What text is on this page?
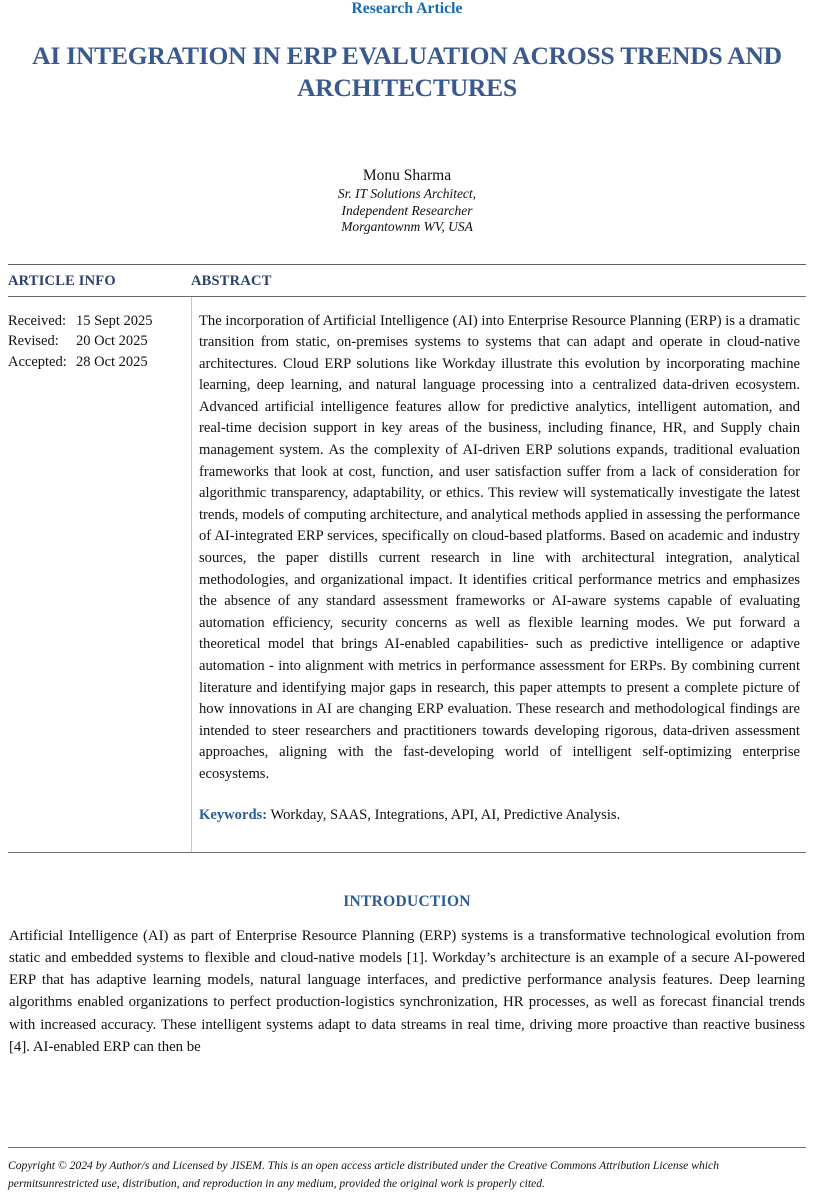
Research Article
AI INTEGRATION IN ERP EVALUATION ACROSS TRENDS AND ARCHITECTURES
Monu Sharma
Sr. IT Solutions Architect,
Independent Researcher
Morgantownm WV, USA
ARTICLE INFO	ABSTRACT
Received: 15 Sept 2025
Revised: 20 Oct 2025
Accepted: 28 Oct 2025

The incorporation of Artificial Intelligence (AI) into Enterprise Resource Planning (ERP) is a dramatic transition from static, on-premises systems to systems that can adapt and operate in cloud-native architectures. Cloud ERP solutions like Workday illustrate this evolution by incorporating machine learning, deep learning, and natural language processing into a centralized data-driven ecosystem. Advanced artificial intelligence features allow for predictive analytics, intelligent automation, and real-time decision support in key areas of the business, including finance, HR, and Supply chain management system. As the complexity of AI-driven ERP solutions expands, traditional evaluation frameworks that look at cost, function, and user satisfaction suffer from a lack of consideration for algorithmic transparency, adaptability, or ethics. This review will systematically investigate the latest trends, models of computing architecture, and analytical methods applied in assessing the performance of AI-integrated ERP services, specifically on cloud-based platforms. Based on academic and industry sources, the paper distills current research in line with architectural integration, analytical methodologies, and organizational impact. It identifies critical performance metrics and emphasizes the absence of any standard assessment frameworks or AI-aware systems capable of evaluating automation efficiency, security concerns as well as flexible learning modes. We put forward a theoretical model that brings AI-enabled capabilities- such as predictive intelligence or adaptive automation - into alignment with metrics in performance assessment for ERPs. By combining current literature and identifying major gaps in research, this paper attempts to present a complete picture of how innovations in AI are changing ERP evaluation. These research and methodological findings are intended to steer researchers and practitioners towards developing rigorous, data-driven assessment approaches, aligning with the fast-developing world of intelligent self-optimizing enterprise ecosystems.

Keywords: Workday, SAAS, Integrations, API, AI, Predictive Analysis.

INTRODUCTION

Artificial Intelligence (AI) as part of Enterprise Resource Planning (ERP) systems is a transformative technological evolution from static and embedded systems to flexible and cloud-native models [1]. Workday’s architecture is an example of a secure AI-powered ERP that has adaptive learning models, natural language interfaces, and predictive performance analysis features. Deep learning algorithms enabled organizations to perfect production-logistics synchronization, HR processes, as well as forecast financial trends with increased accuracy. These intelligent systems adapt to data streams in real time, driving more proactive than reactive business [4]. AI-enabled ERP can then be

Copyright © 2024 by Author/s and Licensed by JISEM. This is an open access article distributed under the Creative Commons Attribution License which permitsunrestricted use, distribution, and reproduction in any medium, provided the original work is properly cited.
